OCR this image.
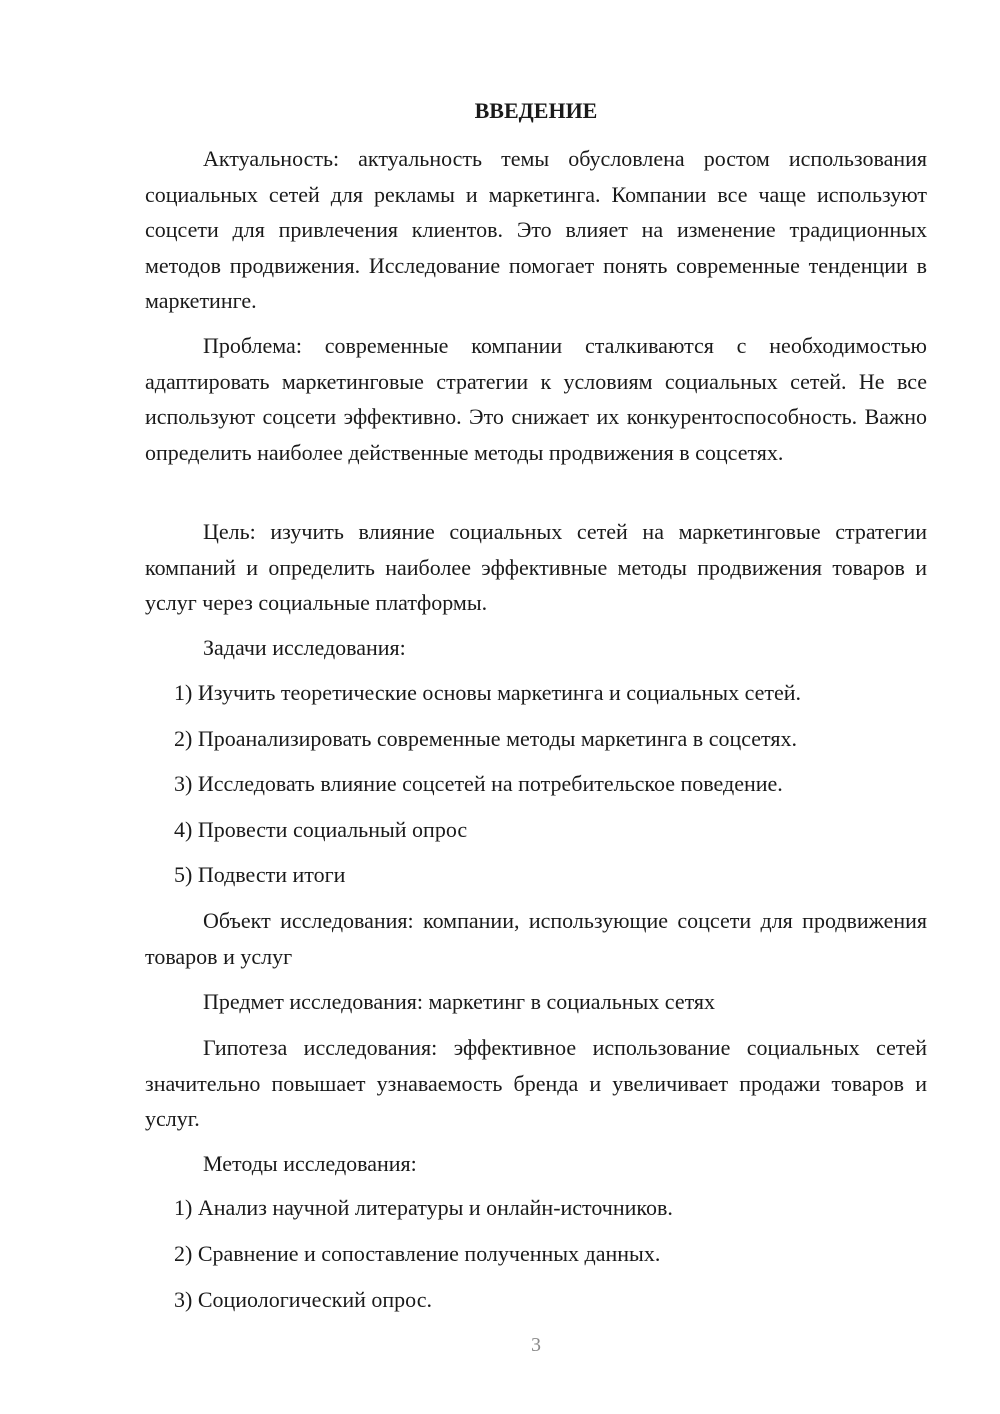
ВВЕДЕНИЕ

Актуальность: актуальность темы обусловлена ростом использования социальных сетей для рекламы и маркетинга. Компании все чаще используют соцсети для привлечения клиентов. Это влияет на изменение традиционных методов продвижения. Исследование помогает понять современные тенденции в маркетинге.

Проблема: современные компании сталкиваются с необходимостью адаптировать маркетинговые стратегии к условиям социальных сетей. Не все используют соцсети эффективно. Это снижает их конкурентоспособность. Важно определить наиболее действенные методы продвижения в соцсетях.

Цель: изучить влияние социальных сетей на маркетинговые стратегии компаний и определить наиболее эффективные методы продвижения товаров и услуг через социальные платформы.

Задачи исследования:

1) Изучить теоретические основы маркетинга и социальных сетей.
2) Проанализировать современные методы маркетинга в соцсетях.
3) Исследовать влияние соцсетей на потребительское поведение.
4) Провести социальный опрос
5) Подвести итоги

Объект исследования: компании, использующие соцсети для продвижения товаров и услуг

Предмет исследования: маркетинг в социальных сетях

Гипотеза исследования: эффективное использование социальных сетей значительно повышает узнаваемость бренда и увеличивает продажи товаров и услуг.

Методы исследования:

1) Анализ научной литературы и онлайн-источников.
2) Сравнение и сопоставление полученных данных.
3) Социологический опрос.
3
